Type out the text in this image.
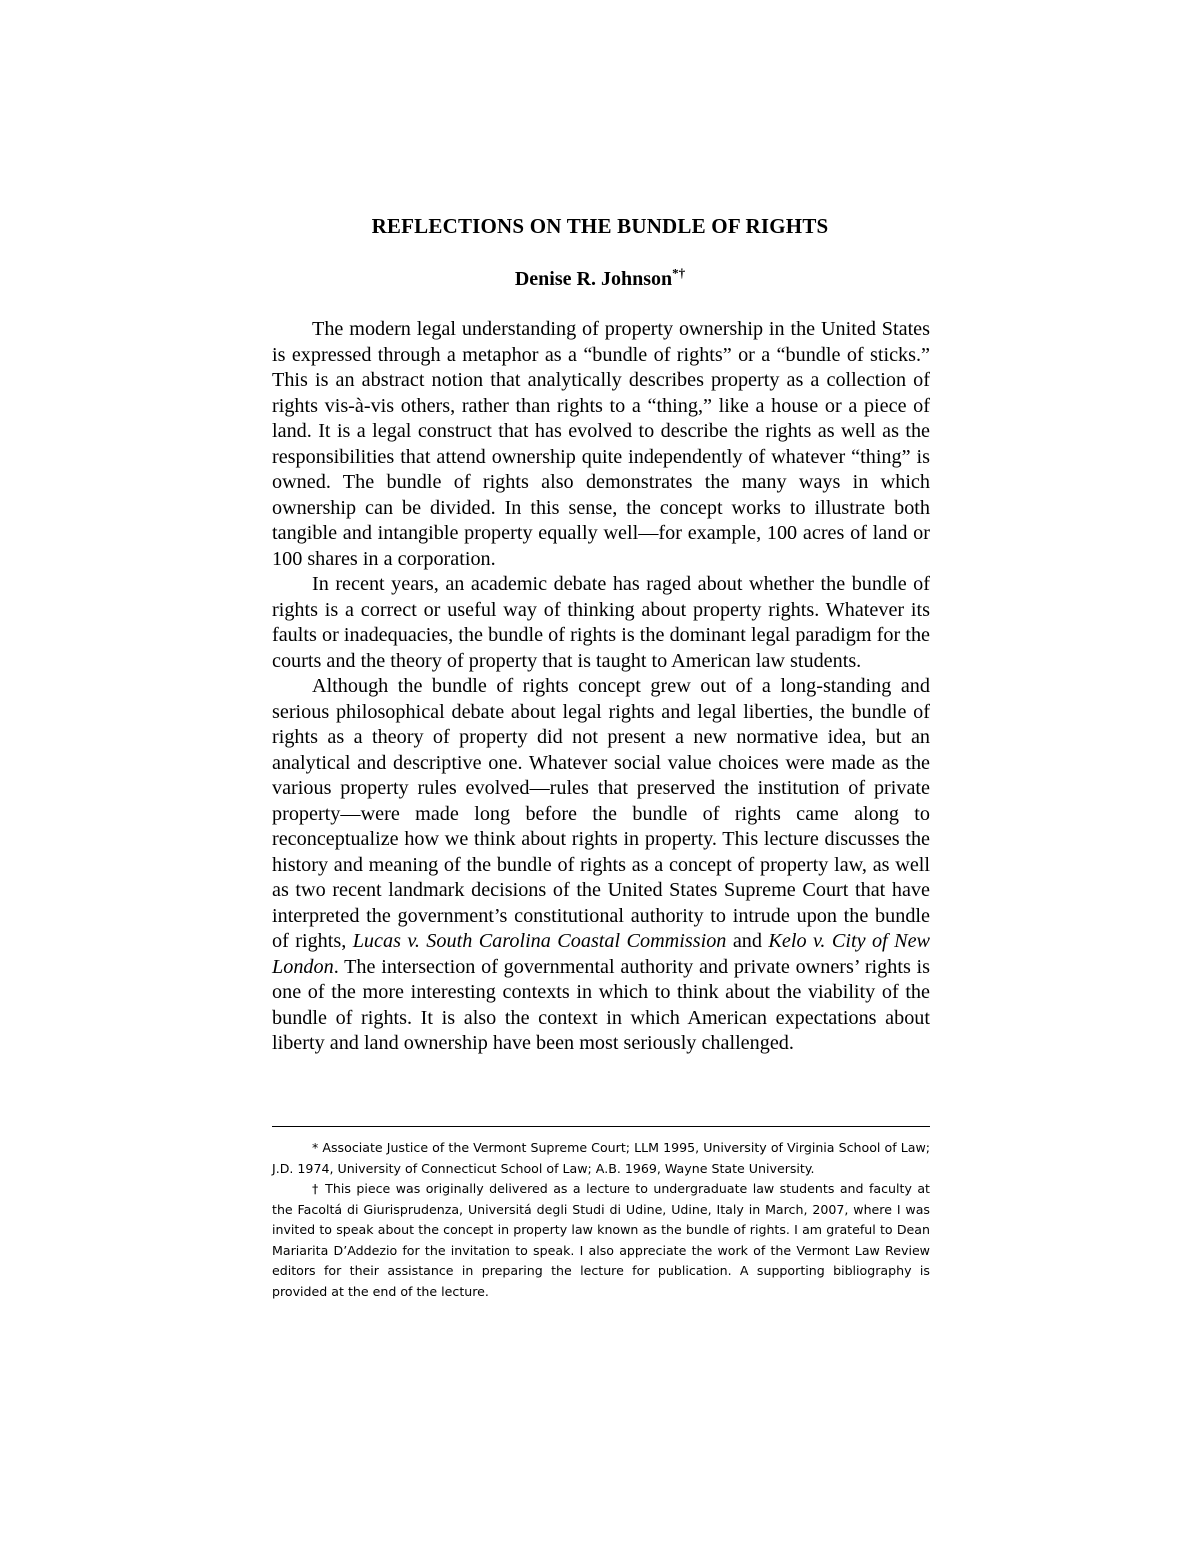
REFLECTIONS ON THE BUNDLE OF RIGHTS
Denise R. Johnson*†

The modern legal understanding of property ownership in the United States is expressed through a metaphor as a “bundle of rights” or a “bundle of sticks.” This is an abstract notion that analytically describes property as a collection of rights vis-à-vis others, rather than rights to a “thing,” like a house or a piece of land. It is a legal construct that has evolved to describe the rights as well as the responsibilities that attend ownership quite independently of whatever “thing” is owned. The bundle of rights also demonstrates the many ways in which ownership can be divided. In this sense, the concept works to illustrate both tangible and intangible property equally well—for example, 100 acres of land or 100 shares in a corporation.

In recent years, an academic debate has raged about whether the bundle of rights is a correct or useful way of thinking about property rights. Whatever its faults or inadequacies, the bundle of rights is the dominant legal paradigm for the courts and the theory of property that is taught to American law students.

Although the bundle of rights concept grew out of a long-standing and serious philosophical debate about legal rights and legal liberties, the bundle of rights as a theory of property did not present a new normative idea, but an analytical and descriptive one. Whatever social value choices were made as the various property rules evolved—rules that preserved the institution of private property—were made long before the bundle of rights came along to reconceptualize how we think about rights in property. This lecture discusses the history and meaning of the bundle of rights as a concept of property law, as well as two recent landmark decisions of the United States Supreme Court that have interpreted the government’s constitutional authority to intrude upon the bundle of rights, Lucas v. South Carolina Coastal Commission and Kelo v. City of New London. The intersection of governmental authority and private owners’ rights is one of the more interesting contexts in which to think about the viability of the bundle of rights. It is also the context in which American expectations about liberty and land ownership have been most seriously challenged.

* Associate Justice of the Vermont Supreme Court; LLM 1995, University of Virginia School of Law; J.D. 1974, University of Connecticut School of Law; A.B. 1969, Wayne State University.

† This piece was originally delivered as a lecture to undergraduate law students and faculty at the Facoltá di Giurisprudenza, Universitá degli Studi di Udine, Udine, Italy in March, 2007, where I was invited to speak about the concept in property law known as the bundle of rights. I am grateful to Dean Mariarita D’Addezio for the invitation to speak. I also appreciate the work of the Vermont Law Review editors for their assistance in preparing the lecture for publication. A supporting bibliography is provided at the end of the lecture.
